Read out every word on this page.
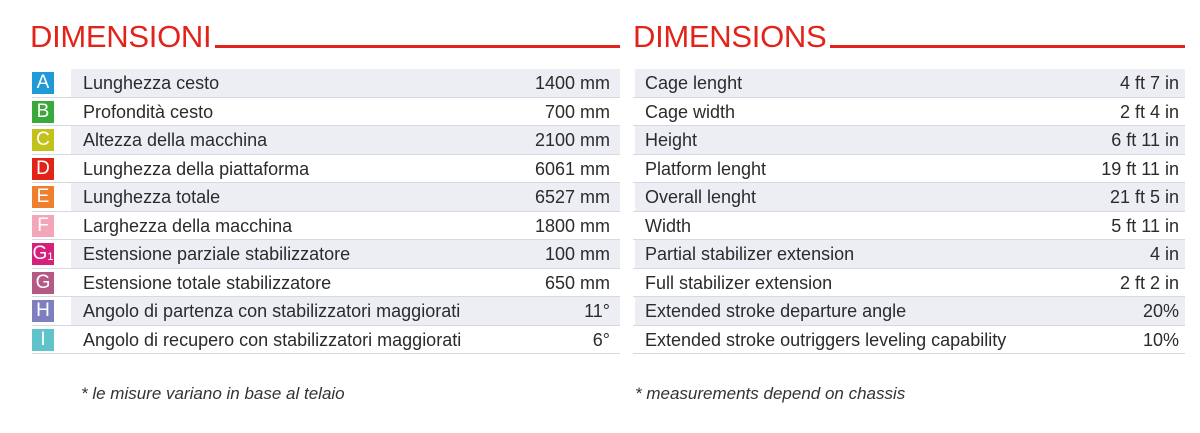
DIMENSIONI	DIMENSIONS
A Lunghezza cesto	1400 mm
B Profondità cesto	700 mm
C Altezza della macchina	2100 mm
D Lunghezza della piattaforma	6061 mm
E Lunghezza totale	6527 mm
F Larghezza della macchina	1800 mm
$G_1$ Estensione parziale stabilizzatore	100 mm
G Estensione totale stabilizzatore	650 mm
H Angolo di partenza con stabilizzatori maggiorati	11°
I	Angolo di recupero con stabilizzatori maggiorati	6°
Cage lenght	4 ft 7 in
Cage width	2 ft 4 in
Height	6 ft 11 in
Platform lenght	19 ft 11 in
Overall lenght	21 ft 5 in
Width	5 ft 11 in
Partial stabilizer extension	4 in
Full stabilizer extension	2 ft 2 in
Extended stroke departure angle	20%
Extended stroke outriggers leveling capability	10%
* le misure variano in base al telaio	* measurements depend on chassis
